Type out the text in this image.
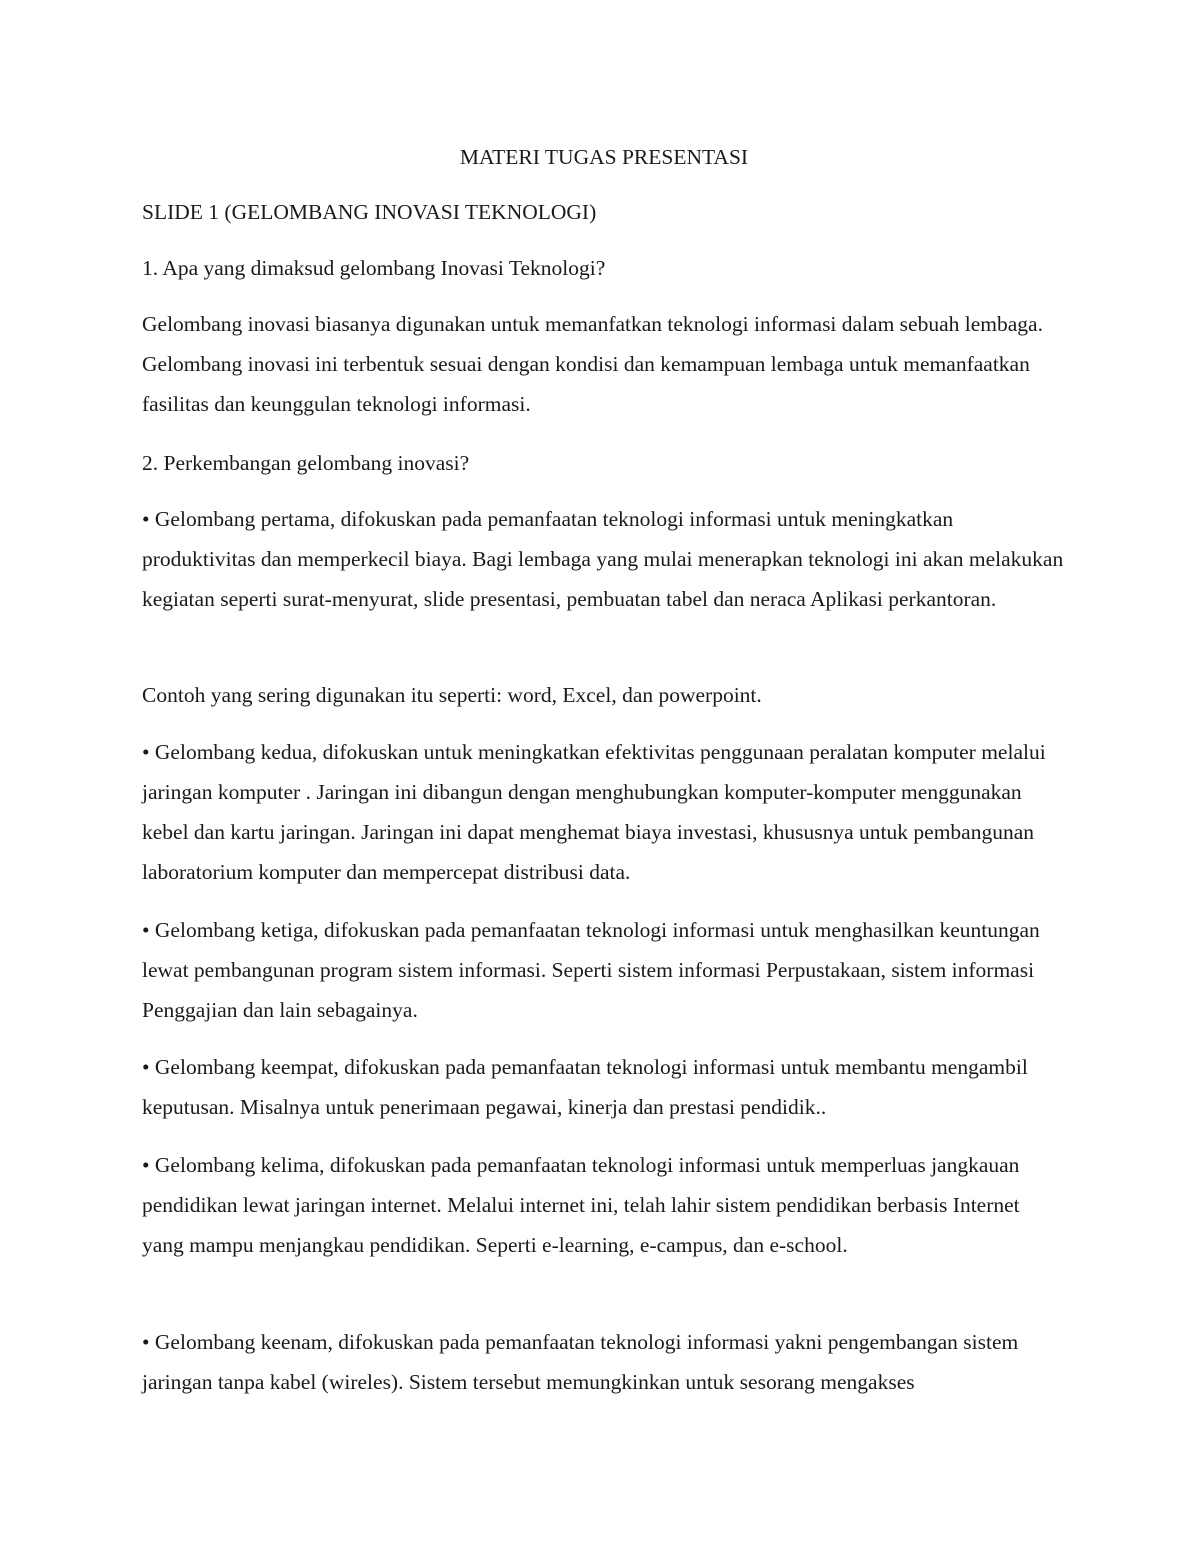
MATERI TUGAS PRESENTASI

SLIDE 1 (GELOMBANG INOVASI TEKNOLOGI)

1. Apa yang dimaksud gelombang Inovasi Teknologi?

Gelombang inovasi biasanya digunakan untuk memanfatkan teknologi informasi dalam sebuah lembaga. Gelombang inovasi ini terbentuk sesuai dengan kondisi dan kemampuan lembaga untuk memanfaatkan fasilitas dan keunggulan teknologi informasi.

2. Perkembangan gelombang inovasi?

• Gelombang pertama, difokuskan pada pemanfaatan teknologi informasi untuk meningkatkan produktivitas dan memperkecil biaya. Bagi lembaga yang mulai menerapkan teknologi ini akan melakukan kegiatan seperti surat-menyurat, slide presentasi, pembuatan tabel dan neraca Aplikasi perkantoran.

Contoh yang sering digunakan itu seperti: word, Excel, dan powerpoint.

• Gelombang kedua, difokuskan untuk meningkatkan efektivitas penggunaan peralatan komputer melalui jaringan komputer . Jaringan ini dibangun dengan menghubungkan komputer-komputer menggunakan kebel dan kartu jaringan. Jaringan ini dapat menghemat biaya investasi, khususnya untuk pembangunan laboratorium komputer dan mempercepat distribusi data.

• Gelombang ketiga, difokuskan pada pemanfaatan teknologi informasi untuk menghasilkan keuntungan lewat pembangunan program sistem informasi. Seperti sistem informasi Perpustakaan, sistem informasi Penggajian dan lain sebagainya.

• Gelombang keempat, difokuskan pada pemanfaatan teknologi informasi untuk membantu mengambil keputusan. Misalnya untuk penerimaan pegawai, kinerja dan prestasi pendidik..

• Gelombang kelima, difokuskan pada pemanfaatan teknologi informasi untuk memperluas jangkauan pendidikan lewat jaringan internet. Melalui internet ini, telah lahir sistem pendidikan berbasis Internet yang mampu menjangkau pendidikan. Seperti e-learning, e-campus, dan e-school.

• Gelombang keenam, difokuskan pada pemanfaatan teknologi informasi yakni pengembangan sistem jaringan tanpa kabel (wireles). Sistem tersebut memungkinkan untuk sesorang mengakses
